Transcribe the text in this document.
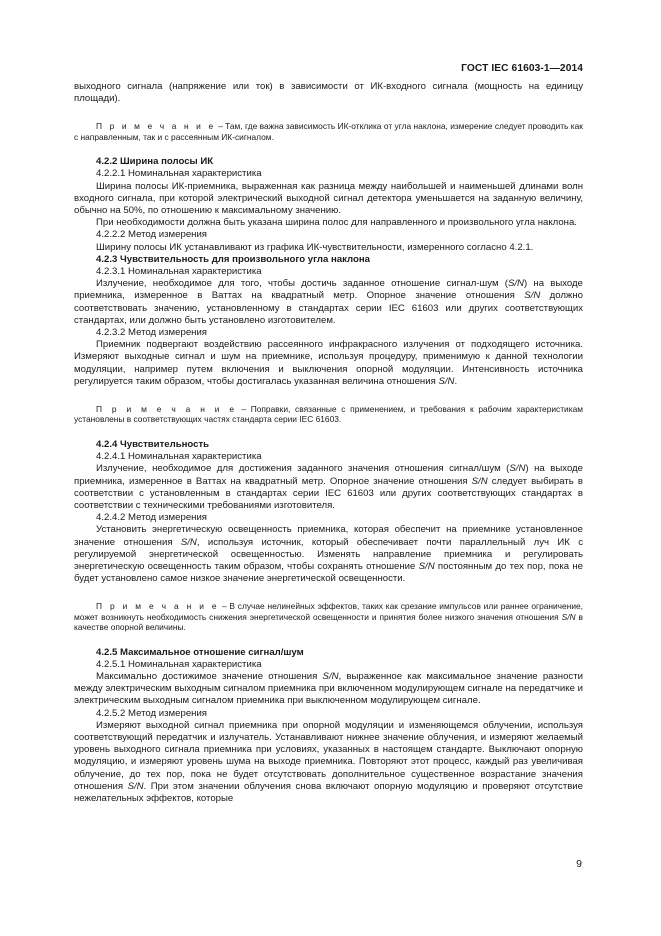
ГОСТ IEC 61603-1—2014

выходного сигнала (напряжение или ток) в зависимости от ИК-входного сигнала (мощность на единицу площади).

П р и м е ч а н и е – Там, где важна зависимость ИК-отклика от угла наклона, измерение следует проводить как с направленным, так и с рассеянным ИК-сигналом.

4.2.2 Ширина полосы ИК

4.2.2.1 Номинальная характеристика

Ширина полосы ИК-приемника, выраженная как разница между наибольшей и наименьшей длинами волн входного сигнала, при которой электрический выходной сигнал детектора уменьшается на заданную величину, обычно на 50%, по отношению к максимальному значению.

При необходимости должна быть указана ширина полос для направленного и произвольного угла наклона.

4.2.2.2 Метод измерения

Ширину полосы ИК устанавливают из графика ИК-чувствительности, измеренного согласно 4.2.1.

4.2.3 Чувствительность для произвольного угла наклона

4.2.3.1 Номинальная характеристика

Излучение, необходимое для того, чтобы достичь заданное отношение сигнал-шум (S/N) на выходе приемника, измеренное в Ваттах на квадратный метр. Опорное значение отношения S/N должно соответствовать значению, установленному в стандартах серии IEC 61603 или других соответствующих стандартах, или должно быть установлено изготовителем.

4.2.3.2 Метод измерения

Приемник подвергают воздействию рассеянного инфракрасного излучения от подходящего источника. Измеряют выходные сигнал и шум на приемнике, используя процедуру, применимую к данной технологии модуляции, например путем включения и выключения опорной модуляции. Интенсивность источника регулируется таким образом, чтобы достигалась указанная величина отношения S/N.

П р и м е ч а н и е – Поправки, связанные с применением, и требования к рабочим характеристикам установлены в соответствующих частях стандарта серии IEC 61603.

4.2.4 Чувствительность

4.2.4.1 Номинальная характеристика

Излучение, необходимое для достижения заданного значения отношения сигнал/шум (S/N) на выходе приемника, измеренное в Ваттах на квадратный метр. Опорное значение отношения S/N следует выбирать в соответствии с установленным в стандартах серии IEC 61603 или других соответствующих стандартах в соответствии с техническими требованиями изготовителя.

4.2.4.2 Метод измерения

Установить энергетическую освещенность приемника, которая обеспечит на приемнике установленное значение отношения S/N, используя источник, который обеспечивает почти параллельный луч ИК с регулируемой энергетической освещенностью. Изменять направление приемника и регулировать энергетическую освещенность таким образом, чтобы сохранять отношение S/N постоянным до тех пор, пока не будет установлено самое низкое значение энергетической освещенности.

П р и м е ч а н и е – В случае нелинейных эффектов, таких как срезание импульсов или раннее ограничение, может возникнуть необходимость снижения энергетической освещенности и принятия более низкого значения отношения S/N в качестве опорной величины.

4.2.5 Максимальное отношение сигнал/шум

4.2.5.1 Номинальная характеристика

Максимально достижимое значение отношения S/N, выраженное как максимальное значение разности между электрическим выходным сигналом приемника при включенном модулирующем сигнале на передатчике и электрическим выходным сигналом приемника при выключенном модулирующем сигнале.

4.2.5.2 Метод измерения

Измеряют выходной сигнал приемника при опорной модуляции и изменяющемся облучении, используя соответствующий передатчик и излучатель. Устанавливают нижнее значение облучения, и измеряют желаемый уровень выходного сигнала приемника при условиях, указанных в настоящем стандарте. Выключают опорную модуляцию, и измеряют уровень шума на выходе приемника. Повторяют этот процесс, каждый раз увеличивая облучение, до тех пор, пока не будет отсутствовать дополнительное существенное возрастание значения отношения S/N. При этом значении облучения снова включают опорную модуляцию и проверяют отсутствие нежелательных эффектов, которые

9
